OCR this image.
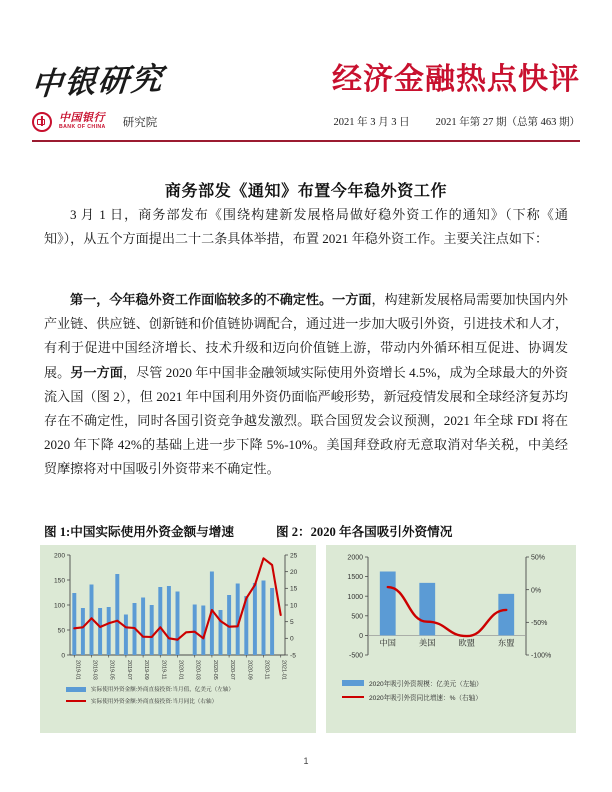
中银研究	经济金融热点快评
中国银行
BANK OF CHINA 研究院	2021 年 3 月 3 日 2021 年第 27 期（总第 463 期）
商务部发《通知》布置今年稳外资工作
3 月 1 日，商务部发布《围绕构建新发展格局做好稳外资工作的通知》（下称《通知》），从五个方面提出二十二条具体举措，布置 2021 年稳外资工作。主要关注点如下：
第一，今年稳外资工作面临较多的不确定性。一方面，构建新发展格局需要加快国内外产业链、供应链、创新链和价值链协调配合，通过进一步加大吸引外资，引进技术和人才，有利于促进中国经济增长、技术升级和迈向价值链上游，带动内外循环相互促进、协调发展。另一方面，尽管 2020 年中国非金融领域实际使用外资增长 4.5%，成为全球最大的外资流入国（图 2），但 2021 年中国利用外资仍面临严峻形势，新冠疫情发展和全球经济复苏均存在不确定性，同时各国引资竞争越发激烈。联合国贸发会议预测，2021 年全球 FDI 将在 2020 年下降 42%的基础上进一步下降 5%-10%。美国拜登政府无意取消对华关税，中美经贸摩擦将对中国吸引外资带来不确定性。
图 1:中国实际使用外资金额与增速	图 2：2020 年各国吸引外资情况
0
50
100
150
200
-5
0
5
10
15
20
25
2019-01 2019-03 2019-05 2019-07 2019-09 2019-11 2020-01 2020-03 2020-05 2020-07 2020-09 2020-11 2021-01
实际使用外资金额:外商直接投资:当月值，亿美元（左轴）
实际使用外资金额:外商直接投资:当月同比（右轴）
-500
0
500
1000
1500
2000
-100%
-50%
0%
50%
中国	美国	欧盟	东盟
2020年吸引外资规模：亿美元（左轴）
2020年吸引外资同比增速：%（右轴）
1
